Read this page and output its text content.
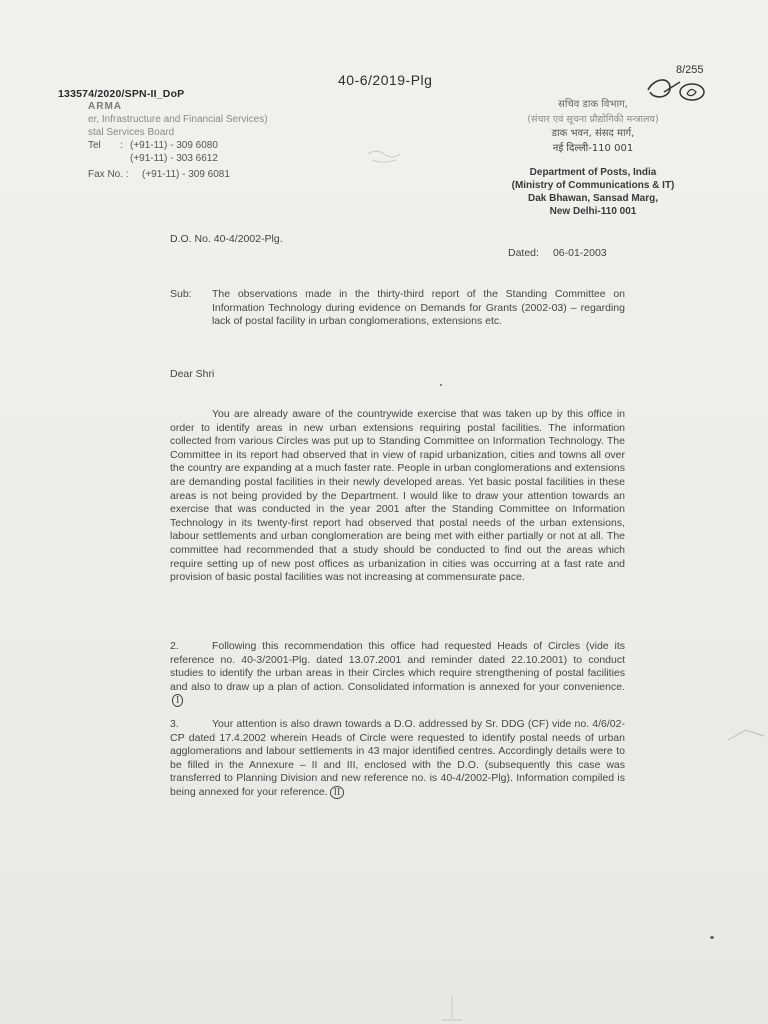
133574/2020/SPN-II_DoP
40-6/2019-Plg
8/255
ARMA
er, Infrastructure and Financial Services)
stal Services Board
Tel : (+91-11) - 309 6080
(+91-11) - 303 6612
Fax No. : (+91-11) - 309 6081
सचिव डाक विभाग,
(संचार एवं सूचना प्रौद्योगिकी मन्त्रालय)
डाक भवन, संसद मार्ग,
नई दिल्ली-110 001
Department of Posts, India
(Ministry of Communications & IT)
Dak Bhawan, Sansad Marg,
New Delhi-110 001
D.O. No. 40-4/2002-Plg.
Dated: 06-01-2003
Sub:	The observations made in the thirty-third report of the Standing Committee on Information Technology during evidence on Demands for Grants (2002-03) – regarding lack of postal facility in urban conglomerations, extensions etc.
Dear Shri
You are already aware of the countrywide exercise that was taken up by this office in order to identify areas in new urban extensions requiring postal facilities. The information collected from various Circles was put up to Standing Committee on Information Technology. The Committee in its report had observed that in view of rapid urbanization, cities and towns all over the country are expanding at a much faster rate. People in urban conglomerations and extensions are demanding postal facilities in their newly developed areas. Yet basic postal facilities in these areas is not being provided by the Department. I would like to draw your attention towards an exercise that was conducted in the year 2001 after the Standing Committee on Information Technology in its twenty-first report had observed that postal needs of the urban extensions, labour settlements and urban conglomeration are being met with either partially or not at all. The committee had recommended that a study should be conducted to find out the areas which require setting up of new post offices as urbanization in cities was occurring at a fast rate and provision of basic postal facilities was not increasing at commensurate pace.
2.	Following this recommendation this office had requested Heads of Circles (vide its reference no. 40-3/2001-Plg. dated 13.07.2001 and reminder dated 22.10.2001) to conduct studies to identify the urban areas in their Circles which require strengthening of postal facilities and also to draw up a plan of action. Consolidated information is annexed for your convenience.I
3.	Your attention is also drawn towards a D.O. addressed by Sr. DDG (CF) vide no. 4/6/02-CP dated 17.4.2002 wherein Heads of Circle were requested to identify postal needs of urban agglomerations and labour settlements in 43 major identified centres. Accordingly details were to be filled in the Annexure – II and III, enclosed with the D.O. (subsequently this case was transferred to Planning Division and new reference no. is 40-4/2002-Plg). Information compiled is being annexed for your reference. II
